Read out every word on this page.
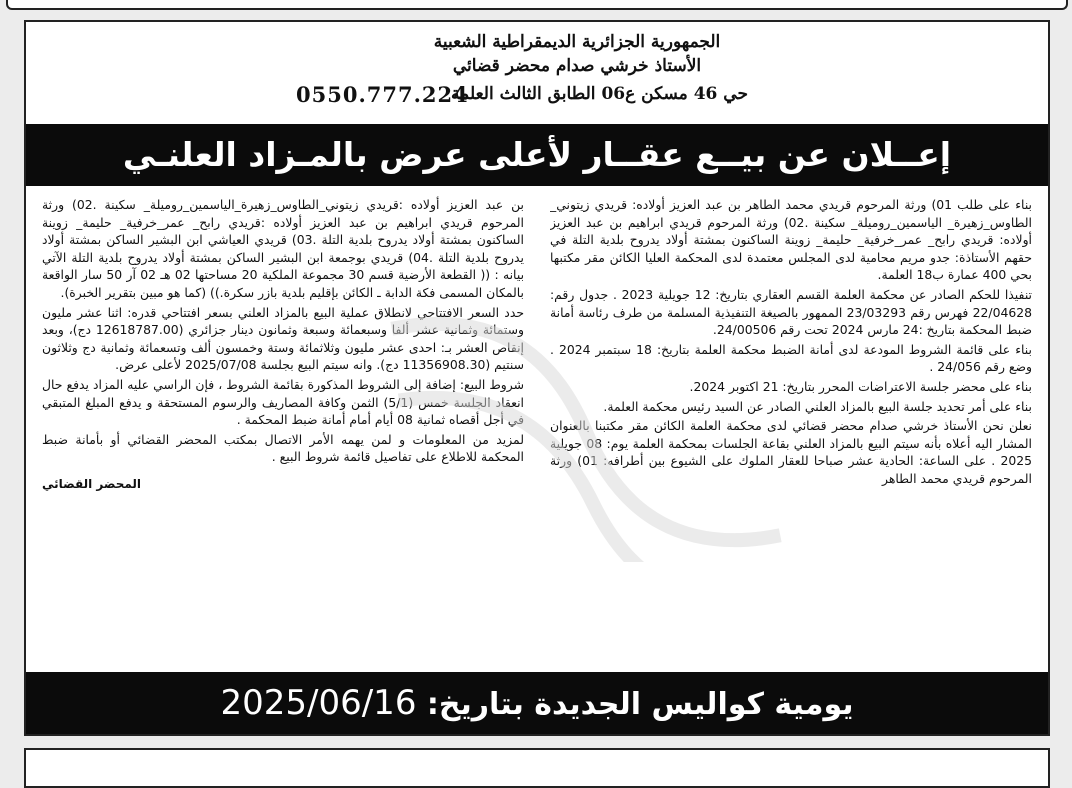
الجمهورية الجزائرية الديمقراطية الشعبية
الأستاذ خرشي صدام محضر قضائي
حي 46 مسكن ع06 الطابق الثالث العلمة
0550.777.224
إعــلان عن بيــع عقــار لأعلى عرض بالمـزاد العلنـي

بناء على طلب 01) ورثة المرحوم قريدي محمد الطاهر بن عبد العزيز أولاده: قريدي زيتوني_ الطاوس_زهيرة_ الياسمين_روميلة_ سكينة .02) ورثة المرحوم قريدي ابراهيم بن عبد العزيز أولاده: قريدي رابح_ عمر_خرفية_ حليمة_ زوينة الساكنون بمشتة أولاد يدروح بلدية التلة في حقهم الأستاذة: جدو مريم محامية لدى المجلس معتمدة لدى المحكمة العليا الكائن مقر مكتبها بحي 400 عمارة ب18 العلمة.

تنفيذا للحكم الصادر عن محكمة العلمة القسم العقاري بتاريخ: 12 جويلية 2023 . جدول رقم: 22/04628 فهرس رقم 23/03293 الممهور بالصيغة التنفيذية المسلمة من طرف رئاسة أمانة ضبط المحكمة بتاريخ :24 مارس 2024 تحت رقم 24/00506.

بناء على قائمة الشروط المودعة لدى أمانة الضبط محكمة العلمة بتاريخ: 18 سبتمبر 2024 . وضع رقم 24/056 .

بناء على محضر جلسة الاعتراضات المحرر بتاريخ: 21 اكتوبر 2024.

بناء على أمر تحديد جلسة البيع بالمزاد العلني الصادر عن السيد رئيس محكمة العلمة.

نعلن نحن الأستاذ خرشي صدام محضر قضائي لدى محكمة العلمة الكائن مقر مكتبنا بالعنوان المشار اليه أعلاه بأنه سيتم البيع بالمزاد العلني بقاعة الجلسات بمحكمة العلمة يوم: 08 جويلية 2025 . على الساعة: الحادية عشر صباحا للعقار الملوك على الشيوع بين أطرافه: 01) ورثة المرحوم قريدي محمد الطاهر

بن عبد العزيز أولاده :قريدي زيتوني_الطاوس_زهيرة_الياسمين_روميلة_ سكينة .02) ورثة المرحوم قريدي ابراهيم بن عبد العزيز أولاده :قريدي رابح_ عمر_خرفية_ حليمة_ زوينة الساكنون بمشتة أولاد يدروح بلدية التلة .03) قريدي العياشي ابن البشير الساكن بمشتة أولاد يدروح بلدية التلة .04) قريدي بوجمعة ابن البشير الساكن بمشتة أولاد يدروح بلدية التلة الآتي بيانه : (( القطعة الأرضية قسم 30 مجموعة الملكية 20 مساحتها 02 هـ 02 آر 50 سار الواقعة بالمكان المسمى فكة الدابة ـ الكائن بإقليم بلدية بازر سكرة.)) (كما هو مبين بتقرير الخبرة).

حدد السعر الافتتاحي لانطلاق عملية البيع بالمزاد العلني بسعر افتتاحي قدره: اثنا عشر مليون وستمائة وثمانية عشر ألفا وسبعمائة وسبعة وثمانون دينار جزائري (12618787.00 دج)، وبعد إنقاص العشر بـ: احدى عشر مليون وثلاثمائة وستة وخمسون ألف وتسعمائة وثمانية دج وثلاثون سنتيم (11356908.30 دج). وانه سيتم البيع بجلسة 2025/07/08 لأعلى عرض.

شروط البيع: إضافة إلى الشروط المذكورة بقائمة الشروط ، فإن الراسي عليه المزاد يدفع حال انعقاد الجلسة خمس (5/1) الثمن وكافة المصاريف والرسوم المستحقة و يدفع المبلغ المتبقي في أجل أقصاه ثمانية 08 أيام أمام أمانة ضبط المحكمة .

لمزيد من المعلومات و لمن يهمه الأمر الاتصال بمكتب المحضر القضائي أو بأمانة ضبط المحكمة للاطلاع على تفاصيل قائمة شروط البيع .

المحضر القضائي
يومية كواليس الجديدة بتاريخ: 2025/06/16
